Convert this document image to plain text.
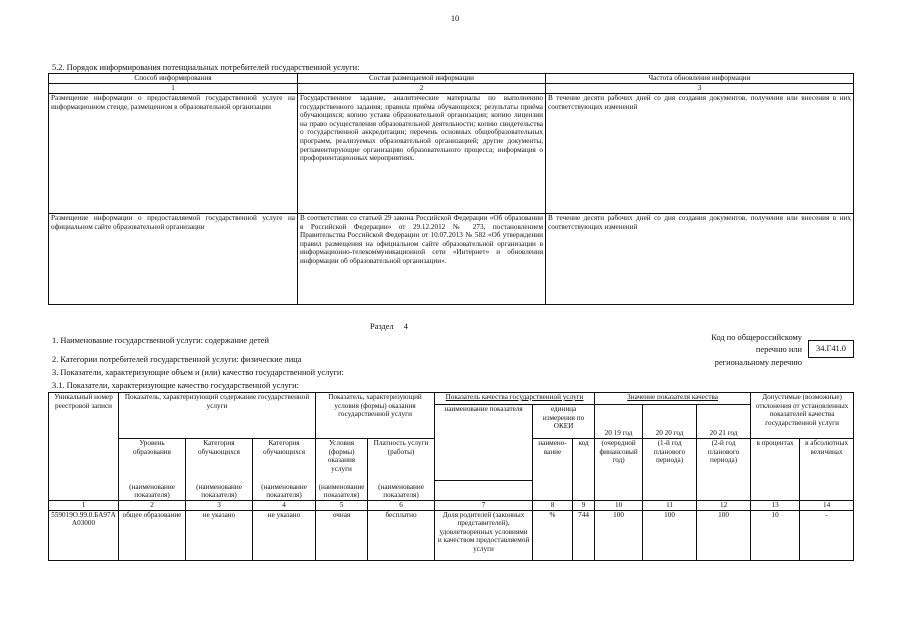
10
5.2. Порядок информирования потенциальных потребителей государственной услуги:
Способ информирования	Состав размещаемой информации	Частота обновления информации
1	2	3
Размещение информации о предоставляемой государственной услуге на информационном стенде, размещенном в образовательной организации	Государственное задание, аналитические материалы по выполнению государственного задания; правила приёма обучающихся; результаты приёма обучающихся; копию устава образовательной организации; копию лицензии на право осуществления образовательной деятельности; копию свидетельства о государственной аккредитации; перечень основных общеобразовательных программ, реализуемых образовательной организацией; другие документы, регламентирующие организацию образовательного процесса; информация о профориентационных мероприятиях.	В течение десяти рабочих дней со дня создания документов, получения или внесения в них соответствующих изменений
Размещение информации о предоставляемой государственной услуге на официальном сайте образовательной организации	В соответствии со статьей 29 закона Российской Федерации «Об образовании в Российской Федерации» от 29.12.2012 № 273, постановлением Правительства Российской Федерации от 10.07.2013 № 582 «Об утверждении правил размещения на официальном сайте образовательной организации в информационно-телекоммуникационной сети «Интернет» и обновления информации об образовательной организации».	В течение десяти рабочих дней со дня создания документов, получения или внесения в них соответствующих изменений
Раздел 4
1. Наименование государственной услуги: содержание детей	Код по общероссийскому
перечню или
региональному перечню
34.Г41.0
2. Категории потребителей государственной услуги: физические лица
3. Показатели, характеризующие объем и (или) качество государственной услуги:
3.1. Показатели, характеризующие качество государственной услуги:
Уникальный номер реестровой записи	Показатель, характеризующий содержание государственной услуги			Показатель, характеризующий условия (формы) оказания государственной услуги		Показатель качества государственной услуги			Значение показателя качества			Допустимые (возможные) отклонения от установленных показателей качества государственной услуги	
						наименование показателя	единица измерения по ОКЕИ		20 19 год	20 20 год	20 21 год		

	Уровень образования	Категория обучающихся	Категория обучающихся	Условия (формы) оказания услуги	Платность услуги (работы)		наимено-вание	код	(очередной финансовый год)	(1-й год планового периода)	(2-й год планового периода)	в процентах	в абсолютных величинах
	(наименование показателя)	(наименование показателя)	(наименование показателя)	(наименование показателя)	(наименование показателя)								
1	2	3	4	5	6	7	8	9	10	11	12	13	14
559019О.99.0.БА97АА03000	общее образование	не указано	не указано	очная	бесплатно	Доля родителей (законных представителей), удовлетворенных условиями и качеством предоставляемой услуги	%	744	100	100	100	10	-
